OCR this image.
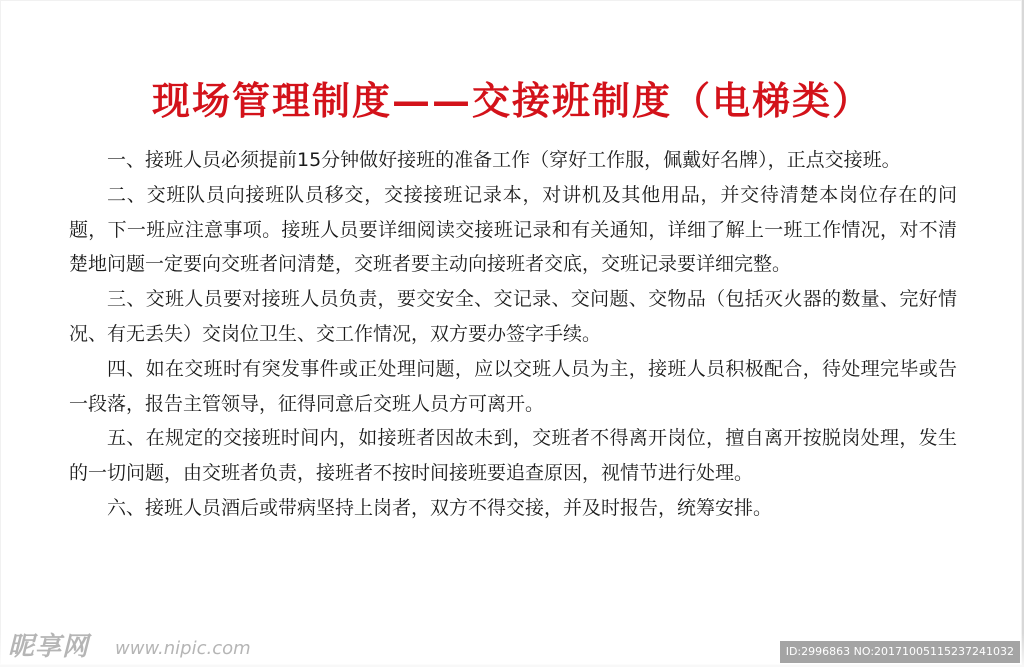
现场管理制度——交接班制度（电梯类）

一、接班人员必须提前15分钟做好接班的准备工作（穿好工作服，佩戴好名牌），正点交接班。

二、交班队员向接班队员移交，交接接班记录本，对讲机及其他用品，并交待清楚本岗位存在的问题，下一班应注意事项。接班人员要详细阅读交接班记录和有关通知，详细了解上一班工作情况，对不清楚地问题一定要向交班者问清楚，交班者要主动向接班者交底，交班记录要详细完整。

三、交班人员要对接班人员负责，要交安全、交记录、交问题、交物品（包括灭火器的数量、完好情况、有无丢失）交岗位卫生、交工作情况，双方要办签字手续。

四、如在交班时有突发事件或正处理问题，应以交班人员为主，接班人员积极配合，待处理完毕或告一段落，报告主管领导，征得同意后交班人员方可离开。

五、在规定的交接班时间内，如接班者因故未到，交班者不得离开岗位，擅自离开按脱岗处理，发生的一切问题，由交班者负责，接班者不按时间接班要追查原因，视情节进行处理。

六、接班人员酒后或带病坚持上岗者，双方不得交接，并及时报告，统筹安排。

昵享网 www.nipic.com	ID:2996863 NO:20171005115237241032
